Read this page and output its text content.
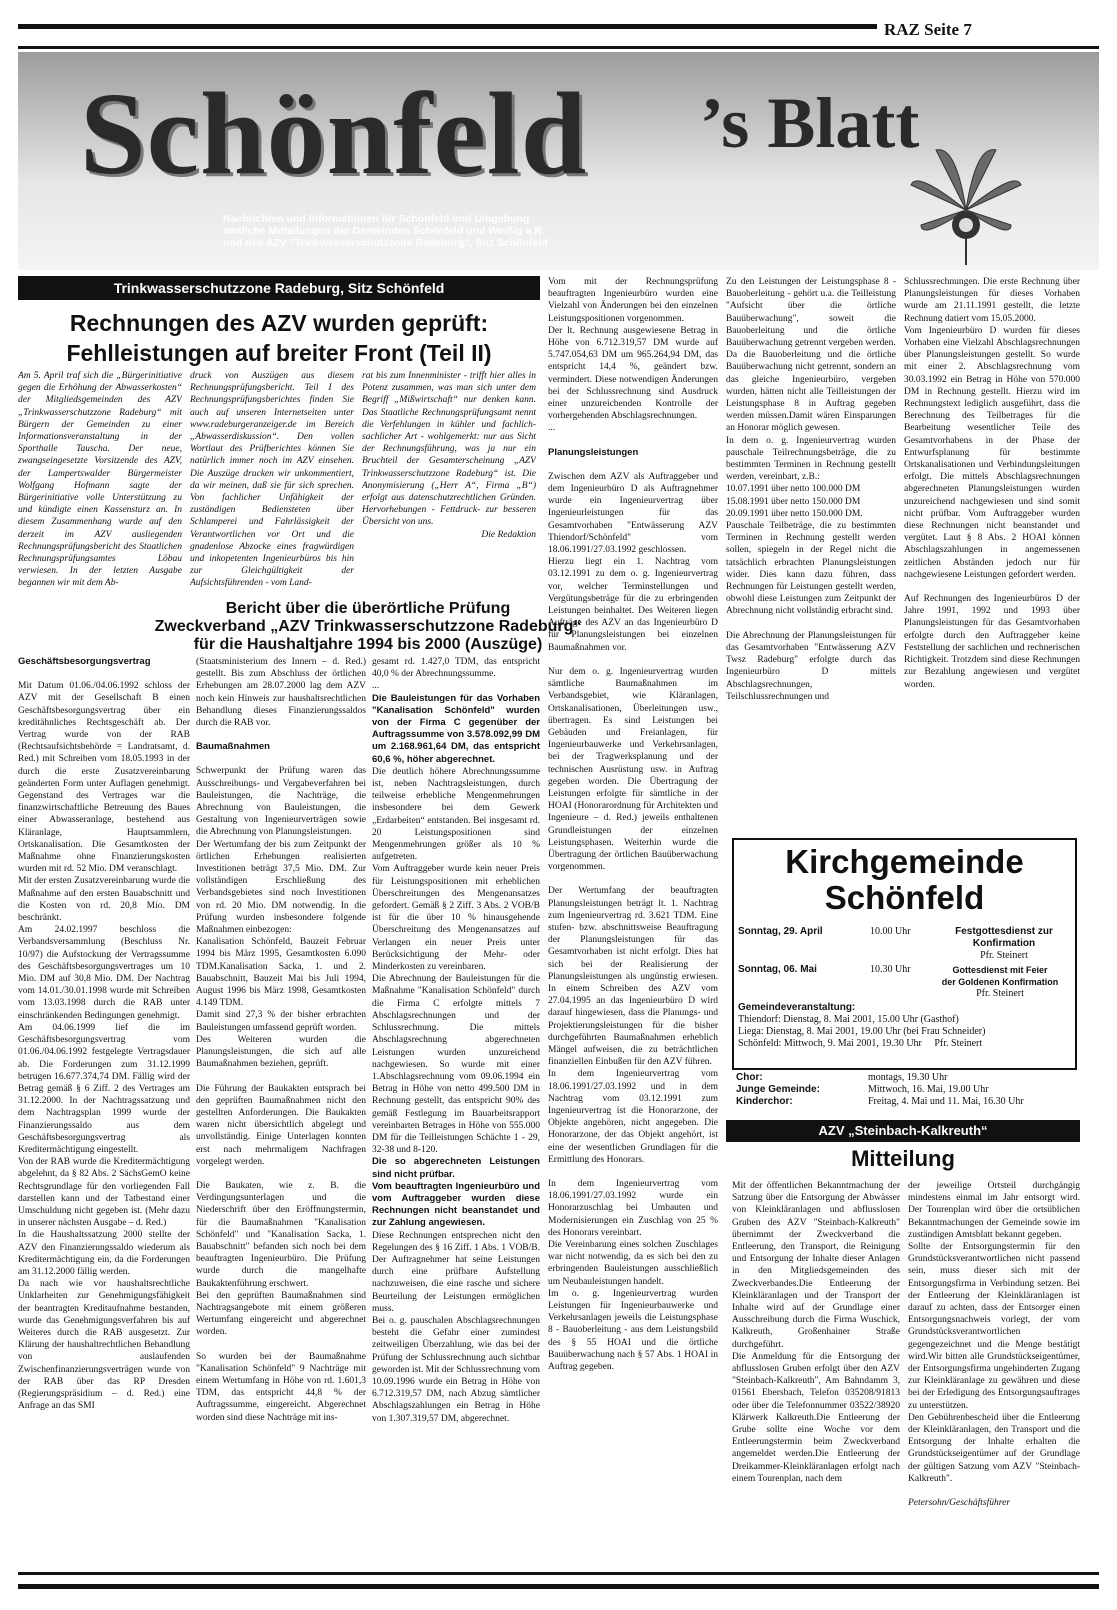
RAZ Seite 7
Schönfeld ’s Blatt
Nachrichten und Informationen für Schönfeld und Umgebung
amtliche Mitteilungen der Gemeinden Schönfeld und Weißig a.R.
und des AZV "Trinkwasserschutzzone Radeburg", Sitz Schönfeld
Trinkwasserschutzzone Radeburg, Sitz Schönfeld
Rechnungen des AZV wurden geprüft:
Fehlleistungen auf breiter Front (Teil II)
Am 5. April traf sich die „Bürgerinitiative gegen die Erhöhung der Abwasserkosten“ der Mitgliedsgemeinden des AZV „Trinkwasserschutzzone Radeburg“ mit Bürgern der Gemeinden zu einer Informationsveranstaltung in der Sporthalle Tauscha. Der neue, zwangseingesetzte Vorsitzende des AZV, der Lampertswalder Bürgermeister Wolfgang Hofmann sagte der Bürgerinitiative volle Unterstützung zu und kündigte einen Kassensturz an. In diesem Zusammenhang wurde auf den derzeit im AZV ausliegenden Rechnungsprüfungsbericht des Staatlichen Rechnungsprüfungsamtes Löbau verwiesen. In der letzten Ausgabe begannen wir mit dem Ab-
druck von Auszügen aus diesem Rechnungsprüfungsbericht. Teil I des Rechnungsprüfungsberichtes finden Sie auch auf unseren Internetseiten unter www.radeburgeranzeiger.de im Bereich „Abwasserdiskussion“. Den vollen Wortlaut des Prüfberichtes können Sie natürlich immer noch im AZV einsehen. Die Auszüge drucken wir unkommentiert, da wir meinen, daß sie für sich sprechen. Von fachlicher Unfähigkeit der zuständigen Bediensteten über Schlamperei und Fahrlässigkeit der Verantwortlichen vor Ort und die gnadenlose Abzocke eines fragwürdigen und inkopetenten Ingenieurbüros bis hin zur Gleichgültigkeit der Aufsichtsführenden - vom Land-

rat bis zum Innenminister - trifft hier alles in Potenz zusammen, was man sich unter dem Begriff „Mißwirtschaft“ nur denken kann. Das Staatliche Rechnungsprüfungsamt nennt die Verfehlungen in kühler und fachlich-sachlicher Art - wohlgemerkt: nur aus Sicht der Rechnungsführung, was ja nur ein Bruchteil der Gesamterscheinung „AZV Trinkwasserschutzzone Radeburg“ ist. Die Anonymisierung („Herr A“, Firma „B“) erfolgt aus datenschutzrechtlichen Gründen. Hervorhebungen - Fettdruck- zur besseren Übersicht von uns.

Die Redaktion

Bericht über die überörtliche Prüfung
Zweckverband „AZV Trinkwasserschutzzone Radeburg“
für die Haushaltjahre 1994 bis 2000 (Auszüge)

Geschäftsbesorgungsvertrag

Mit Datum 01.06./04.06.1992 schloss der AZV mit der Gesellschaft B einen Geschäftsbesorgungsvertrag über ein kreditähnliches Rechtsgeschäft ab. Der Vertrag wurde von der RAB (Rechtsaufsichtsbehörde = Landratsamt, d. Red.) mit Schreiben vom 18.05.1993 in der durch die erste Zusatzvereinbarung geänderten Form unter Auflagen genehmigt. Gegenstand des Vertrages war die finanzwirtschaftliche Betreuung des Baues einer Abwasseranlage, bestehend aus Kläranlage, Hauptsammlern, Ortskanalisation. Die Gesamtkosten der Maßnahme ohne Finanzierungskosten wurden mit rd. 52 Mio. DM veranschlagt.

Mit der ersten Zusatzvereinbarung wurde die Maßnahme auf den ersten Bauabschnitt und die Kosten von rd. 20,8 Mio. DM beschränkt.

Am 24.02.1997 beschloss die Verbandsversammlung (Beschluss Nr. 10/97) die Aufstockung der Vertragssumme des Geschäftsbesorgungsvertrages um 10 Mio. DM auf 30,8 Mio. DM. Der Nachtrag vom 14.01./30.01.1998 wurde mit Schreiben vom 13.03.1998 durch die RAB unter einschränkenden Bedingungen genehmigt.

Am 04.06.1999 lief die im Geschäftsbesorgungsvertrag vom 01.06./04.06.1992 festgelegte Vertragsdauer ab. Die Forderungen zum 31.12.1999 betrugen 16.677.374,74 DM. Fällig wird der Betrag gemäß § 6 Ziff. 2 des Vertrages am 31.12.2000. In der Nachtragssatzung und dem Nachtragsplan 1999 wurde der Finanzierungssaldo aus dem Geschäftsbesorgungsvertrag als Kreditermächtigung eingestellt.

Von der RAB wurde die Kreditermächtigung abgelehnt, da § 82 Abs. 2 SächsGemO keine Rechtsgrundlage für den vorliegenden Fall darstellen kann und der Tatbestand einer Umschuldung nicht gegeben ist. (Mehr dazu in unserer nächsten Ausgabe – d. Red.)

In die Haushaltssatzung 2000 stellte der AZV den Finanzierungssaldo wiederum als Kreditermächtigung ein, da die Forderungen am 31.12.2000 fällig werden.

Da nach wie vor haushaltsrechtliche Unklarheiten zur Genehmigungsfähigkeit der beantragten Kreditaufnahme bestanden, wurde das Genehmigungsverfahren bis auf Weiteres durch die RAB ausgesetzt. Zur Klärung der haushaltrechtlichen Behandlung von auslaufenden Zwischenfinanzierungsverträgen wurde von der RAB über das RP Dresden (Regierungspräsidium – d. Red.) eine Anfrage an das SMI

(Staatsministerium des Innern – d. Red.) gestellt. Bis zum Abschluss der örtlichen Erhebungen am 28.07.2000 lag dem AZV noch kein Hinweis zur haushaltsrechtlichen Behandlung dieses Finanzierungssaldos durch die RAB vor.

Baumaßnahmen

Schwerpunkt der Prüfung waren das Ausschreibungs- und Vergabeverfahren bei Bauleistungen, die Nachträge, die Abrechnung von Bauleistungen, die Gestaltung von Ingenieurverträgen sowie die Abrechnung von Planungsleistungen.

Der Wertumfang der bis zum Zeitpunkt der örtlichen Erhebungen realisierten Investitionen beträgt 37,5 Mio. DM. Zur vollständigen Erschließung des Verbandsgebietes sind noch Investitionen von rd. 20 Mio. DM notwendig. In die Prüfung wurden insbesondere folgende Maßnahmen einbezogen:

Kanalisation Schönfeld, Bauzeit Februar 1994 bis März 1995, Gesamtkosten 6.090 TDM.Kanalisation Sacka, 1. und 2. Bauabschnitt, Bauzeit Mai bis Juli 1994, August 1996 bis März 1998, Gesamtkosten 4.149 TDM.

Damit sind 27,3 % der bisher erbrachten Bauleistungen umfassend geprüft worden.

Des Weiteren wurden die Planungsleistungen, die sich auf alle Baumaßnahmen beziehen, geprüft.

Die Führung der Baukakten entsprach bei den geprüften Baumaßnahmen nicht den gestellten Anforderungen. Die Baukakten waren nicht übersichtlich abgelegt und unvollständig. Einige Unterlagen konnten erst nach mehrmaligem Nachfragen vorgelegt werden.

Die Baukaten, wie z. B. die Verdingungsunterlagen und die Niederschrift über den Eröffnungstermin, für die Baumaßnahmen "Kanalisation Schönfeld" und "Kanalisation Sacka, 1. Bauabschnitt" befanden sich noch bei dem beauftragten Ingenieurbüro. Die Prüfung wurde durch die mangelhafte Baukaktenführung erschwert.

Bei den geprüften Baumaßnahmen sind Nachtragsangebote mit einem größeren Wertumfang eingereicht und abgerechnet worden.

So wurden bei der Baumaßnahme "Kanalisation Schönfeld" 9 Nachträge mit einem Wertumfang in Höhe von rd. 1.601,3 TDM, das entspricht 44,8 % der Auftragssumme, eingereicht. Abgerechnet worden sind diese Nachträge mit ins-

gesamt rd. 1.427,0 TDM, das entspricht 40,0 % der Abrechnungssumme.

...

Die Bauleistungen für das Vorhaben "Kanalisation Schönfeld" wurden von der Firma C gegenüber der Auftragssumme von 3.578.092,99 DM um 2.168.961,64 DM, das entspricht 60,6 %, höher abgerechnet.

Die deutlich höhere Abrechnungssumme ist, neben Nachtragsleistungen, durch teilweise erhebliche Mengenmehrungen insbesondere bei dem Gewerk „Erdarbeiten“ entstanden. Bei insgesamt rd. 20 Leistungspositionen sind Mengenmehrungen größer als 10 % aufgetreten.

Vom Auftraggeber wurde kein neuer Preis für Leistungspositionen mit erheblichen Überschreitungen des Mengenansatzes gefordert. Gemäß § 2 Ziff. 3 Abs. 2 VOB/B ist für die über 10 % hinausgehende Überschreitung des Mengenansatzes auf Verlangen ein neuer Preis unter Berücksichtigung der Mehr- oder Minderkosten zu vereinbaren.

Die Abrechnung der Bauleistungen für die Maßnahme "Kanalisation Schönfeld" durch die Firma C erfolgte mittels 7 Abschlagsrechnungen und der Schlussrechnung. Die mittels Abschlagsrechnung abgerechneten Leistungen wurden unzureichend nachgewiesen. So wurde mit einer 1.Abschlagsrechnung vom 09.06.1994 ein Betrag in Höhe von netto 499.500 DM in Rechnung gestellt, das entspricht 90% des gemäß Festlegung im Bauarbeitsrapport vereinbarten Betrages in Höhe von 555.000 DM für die Teilleistungen Schächte 1 - 29, 32-38 und 8-120.

Die so abgerechneten Leistungen sind nicht prüfbar.

Vom beauftragten Ingenieurbüro und vom Auftraggeber wurden diese Rechnungen nicht beanstandet und zur Zahlung angewiesen.

Diese Rechnungen entsprechen nicht den Regelungen des § 16 Ziff. 1 Abs. 1 VOB/B. Der Auftragnehmer hat seine Leistungen durch eine prüfbare Aufstellung nachzuweisen, die eine rasche und sichere Beurteilung der Leistungen ermöglichen muss.

Bei o. g. pauschalen Abschlagsrechnungen besteht die Gefahr einer zumindest zeitweiligen Überzahlung, wie das bei der Prüfung der Schlussrechnung auch sichtbar geworden ist. Mit der Schlussrechnung vom 10.09.1996 wurde ein Betrag in Höhe von 6.712.319,57 DM, nach Abzug sämtlicher Abschlagszahlungen ein Betrag in Höhe von 1.307.319,57 DM, abgerechnet.

Vom mit der Rechnungsprüfung beauftragten Ingenieurbüro wurden eine Vielzahl von Änderungen bei den einzelnen Leistungspositionen vorgenommen.

Der lt. Rechnung ausgewiesene Betrag in Höhe von 6.712.319,57 DM wurde auf 5.747.054,63 DM um 965.264,94 DM, das entspricht 14,4 %, geändert bzw. vermindert. Diese notwendigen Änderungen bei der Schlussrechnung sind Ausdruck einer unzureichenden Kontrolle der vorhergehenden Abschlagsrechnungen.

...

Planungsleistungen

Zwischen dem AZV als Auftraggeber und dem Ingenieurbüro D als Auftragnehmer wurde ein Ingenieurvertrag über Ingenieurleistungen für das Gesamtvorhaben "Entwässerung AZV Thiendorf/Schönfeld" vom 18.06.1991/27.03.1992 geschlossen.

Hierzu liegt ein 1. Nachtrag vom 03.12.1991 zu dem o. g. Ingenieurvertrag vor, welcher Terminstellungen und Vergütungsbeträge für die zu erbringenden Leistungen beinhaltet. Des Weiteren liegen Aufträge des AZV an das Ingenieurbüro D für Planungsleistungen bei einzelnen Baumaßnahmen vor.

Nur dem o. g. Ingenieurvertrag wurden sämtliche Baumaßnahmen im Verbandsgebiet, wie Kläranlagen, Ortskanalisationen, Überleitungen usw., übertragen. Es sind Leistungen bei Gebäuden und Freianlagen, für Ingenieurbauwerke und Verkehrsanlagen, bei der Tragwerksplanung und der technischen Ausrüstung usw. in Auftrag gegeben worden. Die Übertragung der Leistungen erfolgte für sämtliche in der HOAI (Honorarordnung für Architekten und Ingenieure – d. Red.) jeweils enthaltenen Grundleistungen der einzelnen Leistungsphasen. Weiterhin wurde die Übertragung der örtlichen Bauüberwachung vorgenommen.

Der Wertumfang der beauftragten Planungsleistungen beträgt lt. 1. Nachtrag zum Ingenieurvertrag rd. 3.621 TDM. Eine stufen- bzw. abschnittsweise Beauftragung der Planungsleistungen für das Gesamtvorhaben ist nicht erfolgt. Dies hat sich bei der Realisierung der Planungsleistungen als ungünstig erwiesen. In einem Schreiben des AZV vom 27.04.1995 an das Ingenieurbüro D wird darauf hingewiesen, dass die Planungs- und Projektierungsleistungen für die bisher durchgeführten Baumaßnahmen erheblich Mängel aufweisen, die zu beträchtlichen finanziellen Einbußen für den AZV führen.

In dem Ingenieurvertrag vom 18.06.1991/27.03.1992 und in dem Nachtrag vom 03.12.1991 zum Ingenieurvertrag ist die Honorarzone, der Objekte angehören, nicht angegeben. Die Honorarzone, der das Objekt angehört, ist eine der wesentlichen Grundlagen für die Ermittlung des Honorars.

In dem Ingenieurvertrag vom 18.06.1991/27.03.1992 wurde ein Honorarzuschlag bei Umbauten und Modernisierungen ein Zuschlag von 25 % des Honorars vereinbart.

Die Vereinbarung eines solchen Zuschlages war nicht notwendig, da es sich bei den zu erbringenden Bauleistungen ausschließlich um Neubauleistungen handelt.

Im o. g. Ingenieurvertrag wurden Leistungen für Ingenieurbauwerke und Verkehrsanlagen jeweils die Leistungsphase 8 - Bauoberleitung - aus dem Leistungsbild des § 55 HOAI und die örtliche Bauüberwachung nach § 57 Abs. 1 HOAI in Auftrag gegeben.

Zu den Leistungen der Leistungsphase 8 - Bauoberleitung - gehört u.a. die Teilleistung "Aufsicht über die örtliche Bauüberwachung", soweit die Bauoberleitung und die örtliche Bauüberwachung getrennt vergeben werden.

Da die Bauoberleitung und die örtliche Bauüberwachung nicht getrennt, sondern an das gleiche Ingenieurbüro, vergeben wurden, hätten nicht alle Teilleistungen der Leistungsphase 8 in Auftrag gegeben werden müssen.Damit wären Einsparungen an Honorar möglich gewesen.

In dem o. g. Ingenieurvertrag wurden pauschale Teilrechnungsbeträge, die zu bestimmten Terminen in Rechnung gestellt werden, vereinbart, z.B.:

10.07.1991 über netto 100.000 DM

15.08.1991 über netto 150.000 DM

20.09.1991 über netto 150.000 DM.

Pauschale Teilbeträge, die zu bestimmten Terminen in Rechnung gestellt werden sollen, spiegeln in der Regel nicht die tatsächlich erbrachten Planungsleistungen wider. Dies kann dazu führen, dass Rechnungen für Leistungen gestellt werden, obwohl diese Leistungen zum Zeitpunkt der Abrechnung nicht vollständig erbracht sind.

Die Abrechnung der Planungsleistungen für das Gesamtvorhaben "Entwässerung AZV Twsz Radeburg" erfolgte durch das Ingenieurbüro D mittels Abschlagsrechnungen, Teilschlussrechnungen und

Schlussrechnungen. Die erste Rechnung über Planungsleistungen für dieses Vorhaben wurde am 21.11.1991 gestellt, die letzte Rechnung datiert vom 15.05.2000.

Vom Ingenieurbüro D wurden für dieses Vorhaben eine Vielzahl Abschlagsrechnungen über Planungsleistungen gestellt. So wurde mit einer 2. Abschlagsrechnung vom 30.03.1992 ein Betrag in Höhe von 570.000 DM in Rechnung gestellt. Hierzu wird im Rechnungstext lediglich ausgeführt, dass die Berechnung des Teilbetrages für die Bearbeitung wesentlicher Teile des Gesamtvorhabens in der Phase der Entwurfsplanung für bestimmte Ortskanalisationen und Verbindungsleitungen erfolgt. Die mittels Abschlagsrechnungen abgerechneten Planungsleistungen wurden unzureichend nachgewiesen und sind somit nicht prüfbar. Vom Auftraggeber wurden diese Rechnungen nicht beanstandet und vergütet. Laut § 8 Abs. 2 HOAI können Abschlagszahlungen in angemessenen zeitlichen Abständen jedoch nur für nachgewiesene Leistungen gefordert werden.

Auf Rechnungen des Ingenieurbüros D der Jahre 1991, 1992 und 1993 über Planungsleistungen für das Gesamtvorhaben erfolgte durch den Auftraggeber keine Feststellung der sachlichen und rechnerischen Richtigkeit. Trotzdem sind diese Rechnungen zur Bezahlung angewiesen und vergütet worden.

Kirchgemeinde
Schönfeld
Sonntag, 29. April	10.00 Uhr	Festgottesdienst zur
Konfirmation
Pfr. Steinert
Sonntag, 06. Mai	10.30 Uhr	Gottesdienst mit Feier
der Goldenen Konfirmation
Pfr. Steinert
Gemeindeveranstaltung:
Thiendorf: Dienstag, 8. Mai 2001, 15.00 Uhr (Gasthof)
Liega: Dienstag, 8. Mai 2001, 19.00 Uhr (bei Frau Schneider)
Schönfeld: Mittwoch, 9. Mai 2001, 19.30 Uhr     Pfr. Steinert
Chor:	montags, 19.30 Uhr
Junge Gemeinde:	Mittwoch, 16. Mai, 19.00 Uhr
Kinderchor:	Freitag, 4. Mai und 11. Mai, 16.30 Uhr
AZV „Steinbach-Kalkreuth“
Mitteilung

Mit der öffentlichen Bekanntmachung der Satzung über die Entsorgung der Abwässer von Kleinkläranlagen und abflusslosen Gruben des AZV "Steinbach-Kalkreuth" übernimmt der Zweckverband die Entleerung, den Transport, die Reinigung und Entsorgung der Inhalte dieser Anlagen in den Mitgliedsgemeinden des Zweckverbandes.Die Entleerung der Kleinkläranlagen und der Transport der Inhalte wird auf der Grundlage einer Ausschreibung durch die Firma Wuschick, Kalkreuth, Großenhainer Straße durchgeführt.

Die Anmeldung für die Entsorgung der abflusslosen Gruben erfolgt über den AZV "Steinbach-Kalkreuth", Am Bahndamm 3, 01561 Ebersbach, Telefon 035208/91813 oder über die Telefonnummer 03522/38920 Klärwerk Kalkreuth.Die Entleerung der Grube sollte eine Woche vor dem Entleerungstermin beim Zweckverband angemeldet werden.Die Entleerung der Dreikammer-Kleinkläranlagen erfolgt nach einem Tourenplan, nach dem

der jeweilige Ortsteil durchgängig mindestens einmal im Jahr entsorgt wird. Der Tourenplan wird über die ortsüblichen Bekanntmachungen der Gemeinde sowie im zuständigen Amtsblatt bekannt gegeben.

Sollte der Entsorgungstermin für den Grundstücksverantwortlichen nicht passend sein, muss dieser sich mit der Entsorgungsfirma in Verbindung setzen. Bei der Entleerung der Kleinkläranlagen ist darauf zu achten, dass der Entsorger einen Entsorgungsnachweis vorlegt, der vom Grundstücksverantwortlichen gegengezeichnet und die Menge bestätigt wird.Wir bitten alle Grundstückseigentümer, der Entsorgungsfirma ungehinderten Zugang zur Kleinkläranlage zu gewähren und diese bei der Erledigung des Entsorgungsauftrages zu unterstützen.

Den Gebührenbescheid über die Entleerung der Kleinkläranlagen, den Transport und die Entsorgung der Inhalte erhalten die Grundstückseigentümer auf der Grundlage der gültigen Satzung vom AZV "Steinbach-Kalkreuth".

Petersohn/Geschäftsführer
